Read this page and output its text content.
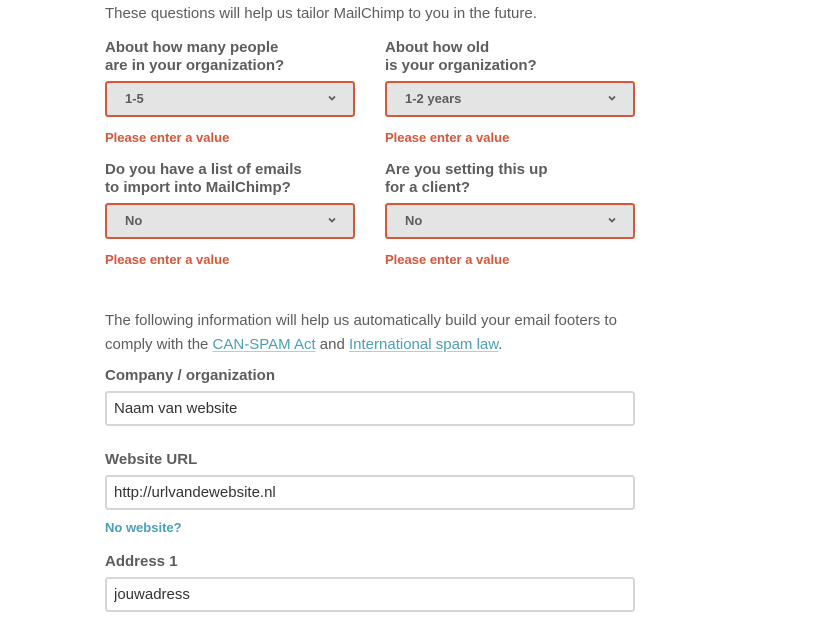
These questions will help us tailor MailChimp to you in the future.
About how many people
are in your organization?
1-5
Please enter a value
About how old
is your organization?
1-2 years
Please enter a value
Do you have a list of emails
to import into MailChimp?
No
Please enter a value
Are you setting this up
for a client?
No
Please enter a value
The following information will help us automatically build your email footers to comply with the CAN-SPAM Act and International spam law.
Company / organization
Naam van website
Website URL
http://urlvandewebsite.nl
No website?
Address 1
jouwadress
